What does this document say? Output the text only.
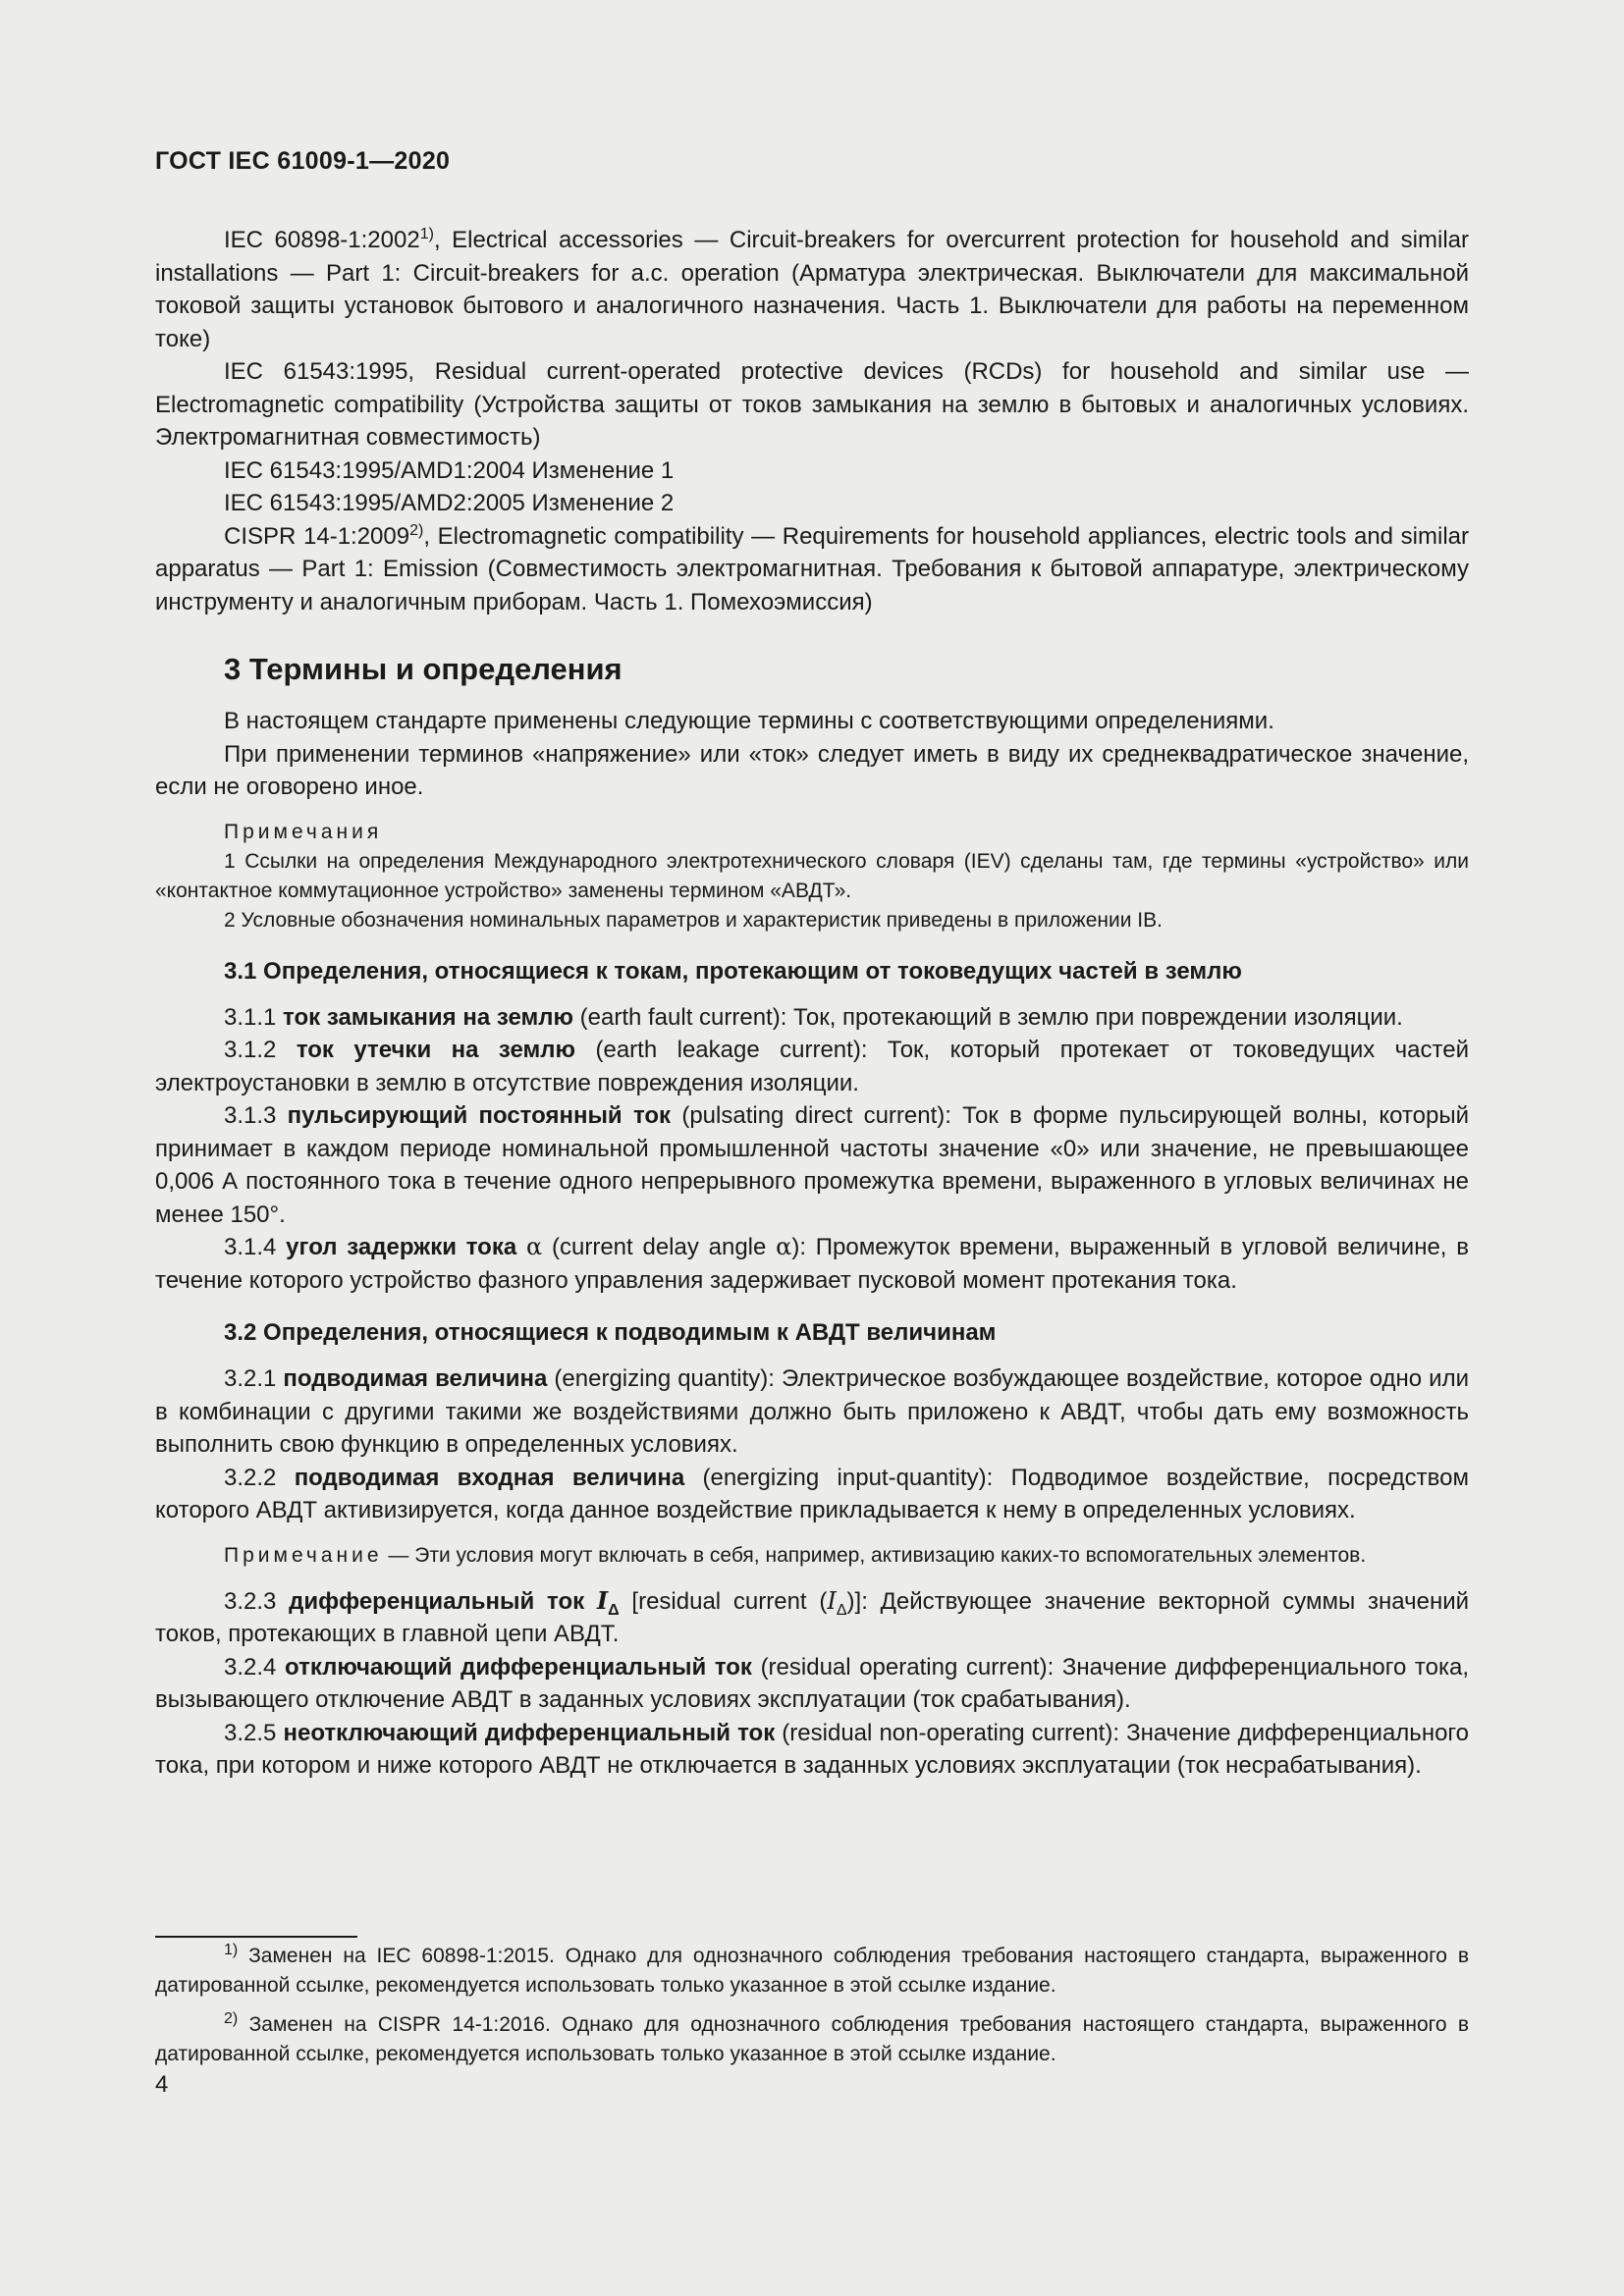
ГОСТ IEC 61009-1—2020

IEC 60898-1:2002$^{1)}$, Electrical accessories — Circuit-breakers for overcurrent protection for household and similar installations — Part 1: Circuit-breakers for a.c. operation (Арматура электрическая. Выключатели для максимальной токовой защиты установок бытового и аналогичного назначения. Часть 1. Выключатели для работы на переменном токе)

IEC 61543:1995, Residual current-operated protective devices (RCDs) for household and similar use — Electromagnetic compatibility (Устройства защиты от токов замыкания на землю в бытовых и аналогичных условиях. Электромагнитная совместимость)

IEC 61543:1995/AMD1:2004 Изменение 1

IEC 61543:1995/AMD2:2005 Изменение 2

CISPR 14-1:2009$^{2)}$, Electromagnetic compatibility — Requirements for household appliances, electric tools and similar apparatus — Part 1: Emission (Совместимость электромагнитная. Требования к бытовой аппаратуре, электрическому инструменту и аналогичным приборам. Часть 1. Помехоэмиссия)

3 Термины и определения

В настоящем стандарте применены следующие термины с соответствующими определениями.

При применении терминов «напряжение» или «ток» следует иметь в виду их среднеквадратическое значение, если не оговорено иное.

Примечания

1 Ссылки на определения Международного электротехнического словаря (IEV) сделаны там, где термины «устройство» или «контактное коммутационное устройство» заменены термином «АВДТ».

2 Условные обозначения номинальных параметров и характеристик приведены в приложении IB.

3.1 Определения, относящиеся к токам, протекающим от токоведущих частей в землю

3.1.1 ток замыкания на землю (earth fault current): Ток, протекающий в землю при повреждении изоляции.

3.1.2 ток утечки на землю (earth leakage current): Ток, который протекает от токоведущих частей электроустановки в землю в отсутствие повреждения изоляции.

3.1.3 пульсирующий постоянный ток (pulsating direct current): Ток в форме пульсирующей волны, который принимает в каждом периоде номинальной промышленной частоты значение «0» или значение, не превышающее 0,006 А постоянного тока в течение одного непрерывного промежутка времени, выраженного в угловых величинах не менее 150°.

3.1.4 угол задержки тока α (current delay angle α): Промежуток времени, выраженный в угловой величине, в течение которого устройство фазного управления задерживает пусковой момент протекания тока.

3.2 Определения, относящиеся к подводимым к АВДТ величинам

3.2.1 подводимая величина (energizing quantity): Электрическое возбуждающее воздействие, которое одно или в комбинации с другими такими же воздействиями должно быть приложено к АВДТ, чтобы дать ему возможность выполнить свою функцию в определенных условиях.

3.2.2 подводимая входная величина (energizing input-quantity): Подводимое воздействие, посредством которого АВДТ активизируется, когда данное воздействие прикладывается к нему в определенных условиях.

Примечание — Эти условия могут включать в себя, например, активизацию каких-то вспомогательных элементов.

3.2.3 дифференциальный ток $I_\Delta$ [residual current $(I_\Delta)$]: Действующее значение векторной суммы значений токов, протекающих в главной цепи АВДТ.

3.2.4 отключающий дифференциальный ток (residual operating current): Значение дифференциального тока, вызывающего отключение АВДТ в заданных условиях эксплуатации (ток срабатывания).

3.2.5 неотключающий дифференциальный ток (residual non-operating current): Значение дифференциального тока, при котором и ниже которого АВДТ не отключается в заданных условиях эксплуатации (ток несрабатывания).

$^{1)}$ Заменен на IEC 60898-1:2015. Однако для однозначного соблюдения требования настоящего стандарта, выраженного в датированной ссылке, рекомендуется использовать только указанное в этой ссылке издание.

$^{2)}$ Заменен на CISPR 14-1:2016. Однако для однозначного соблюдения требования настоящего стандарта, выраженного в датированной ссылке, рекомендуется использовать только указанное в этой ссылке издание.

4
